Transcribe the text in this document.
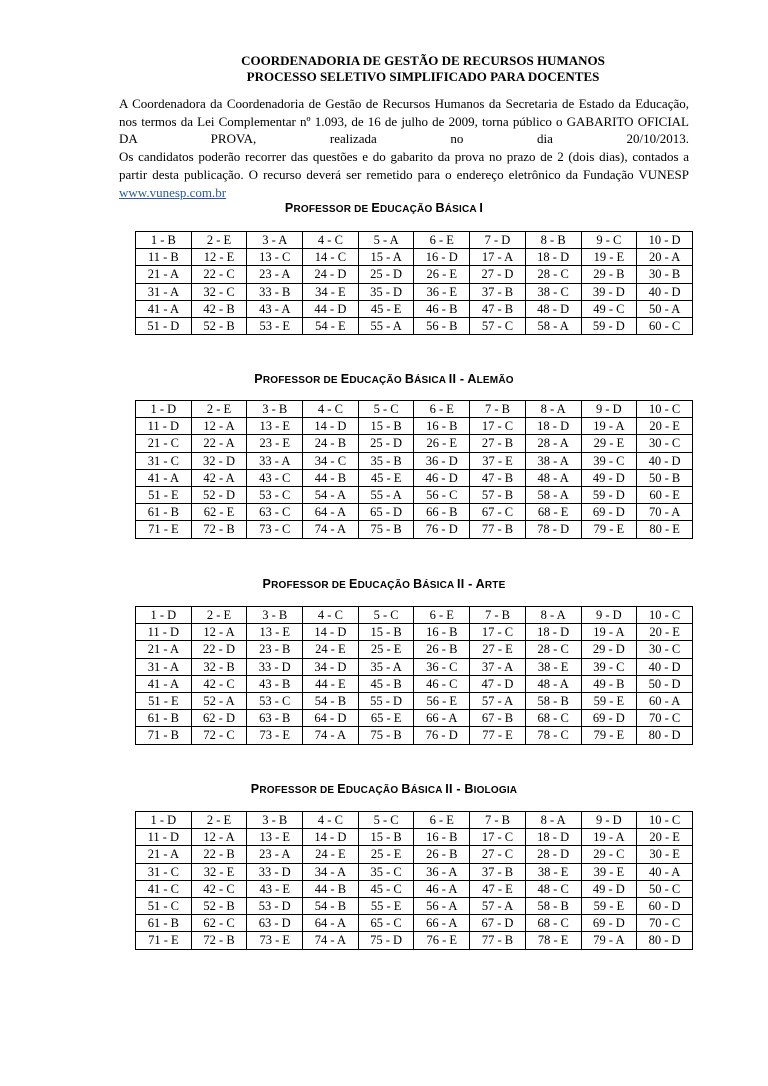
COORDENADORIA DE GESTÃO DE RECURSOS HUMANOS
PROCESSO SELETIVO SIMPLIFICADO PARA DOCENTES

A Coordenadora da Coordenadoria de Gestão de Recursos Humanos da Secretaria de Estado da Educação, nos termos da Lei Complementar nº 1.093, de 16 de julho de 2009, torna público o GABARITO OFICIAL DA PROVA, realizada no dia 20/10/2013.

Os candidatos poderão recorrer das questões e do gabarito da prova no prazo de 2 (dois dias), contados a partir desta publicação. O recurso deverá ser remetido para o endereço eletrônico da Fundação VUNESP

www.vunesp.com.br
PROFESSOR DE EDUCAÇÃO BÁSICA I
1 - B	2 - E	3 - A	4 - C	5 - A	6 - E	7 - D	8 - B	9 - C	10 - D
11 - B	12 - E	13 - C	14 - C	15 - A	16 - D	17 - A	18 - D	19 - E	20 - A
21 - A	22 - C	23 - A	24 - D	25 - D	26 - E	27 - D	28 - C	29 - B	30 - B
31 - A	32 - C	33 - B	34 - E	35 - D	36 - E	37 - B	38 - C	39 - D	40 - D
41 - A	42 - B	43 - A	44 - D	45 - E	46 - B	47 - B	48 - D	49 - C	50 - A
51 - D	52 - B	53 - E	54 - E	55 - A	56 - B	57 - C	58 - A	59 - D	60 - C
PROFESSOR DE EDUCAÇÃO BÁSICA II - ALEMÃO
1 - D	2 - E	3 - B	4 - C	5 - C	6 - E	7 - B	8 - A	9 - D	10 - C
11 - D	12 - A	13 - E	14 - D	15 - B	16 - B	17 - C	18 - D	19 - A	20 - E
21 - C	22 - A	23 - E	24 - B	25 - D	26 - E	27 - B	28 - A	29 - E	30 - C
31 - C	32 - D	33 - A	34 - C	35 - B	36 - D	37 - E	38 - A	39 - C	40 - D
41 - A	42 - A	43 - C	44 - B	45 - E	46 - D	47 - B	48 - A	49 - D	50 - B
51 - E	52 - D	53 - C	54 - A	55 - A	56 - C	57 - B	58 - A	59 - D	60 - E
61 - B	62 - E	63 - C	64 - A	65 - D	66 - B	67 - C	68 - E	69 - D	70 - A
71 - E	72 - B	73 - C	74 - A	75 - B	76 - D	77 - B	78 - D	79 - E	80 - E
PROFESSOR DE EDUCAÇÃO BÁSICA II - ARTE
1 - D	2 - E	3 - B	4 - C	5 - C	6 - E	7 - B	8 - A	9 - D	10 - C
11 - D	12 - A	13 - E	14 - D	15 - B	16 - B	17 - C	18 - D	19 - A	20 - E
21 - A	22 - D	23 - B	24 - E	25 - E	26 - B	27 - E	28 - C	29 - D	30 - C
31 - A	32 - B	33 - D	34 - D	35 - A	36 - C	37 - A	38 - E	39 - C	40 - D
41 - A	42 - C	43 - B	44 - E	45 - B	46 - C	47 - D	48 - A	49 - B	50 - D
51 - E	52 - A	53 - C	54 - B	55 - D	56 - E	57 - A	58 - B	59 - E	60 - A
61 - B	62 - D	63 - B	64 - D	65 - E	66 - A	67 - B	68 - C	69 - D	70 - C
71 - B	72 - C	73 - E	74 - A	75 - B	76 - D	77 - E	78 - C	79 - E	80 - D
PROFESSOR DE EDUCAÇÃO BÁSICA II - BIOLOGIA
1 - D	2 - E	3 - B	4 - C	5 - C	6 - E	7 - B	8 - A	9 - D	10 - C
11 - D	12 - A	13 - E	14 - D	15 - B	16 - B	17 - C	18 - D	19 - A	20 - E
21 - A	22 - B	23 - A	24 - E	25 - E	26 - B	27 - C	28 - D	29 - C	30 - E
31 - C	32 - E	33 - D	34 - A	35 - C	36 - A	37 - B	38 - E	39 - E	40 - A
41 - C	42 - C	43 - E	44 - B	45 - C	46 - A	47 - E	48 - C	49 - D	50 - C
51 - C	52 - B	53 - D	54 - B	55 - E	56 - A	57 - A	58 - B	59 - E	60 - D
61 - B	62 - C	63 - D	64 - A	65 - C	66 - A	67 - D	68 - C	69 - D	70 - C
71 - E	72 - B	73 - E	74 - A	75 - D	76 - E	77 - B	78 - E	79 - A	80 - D
